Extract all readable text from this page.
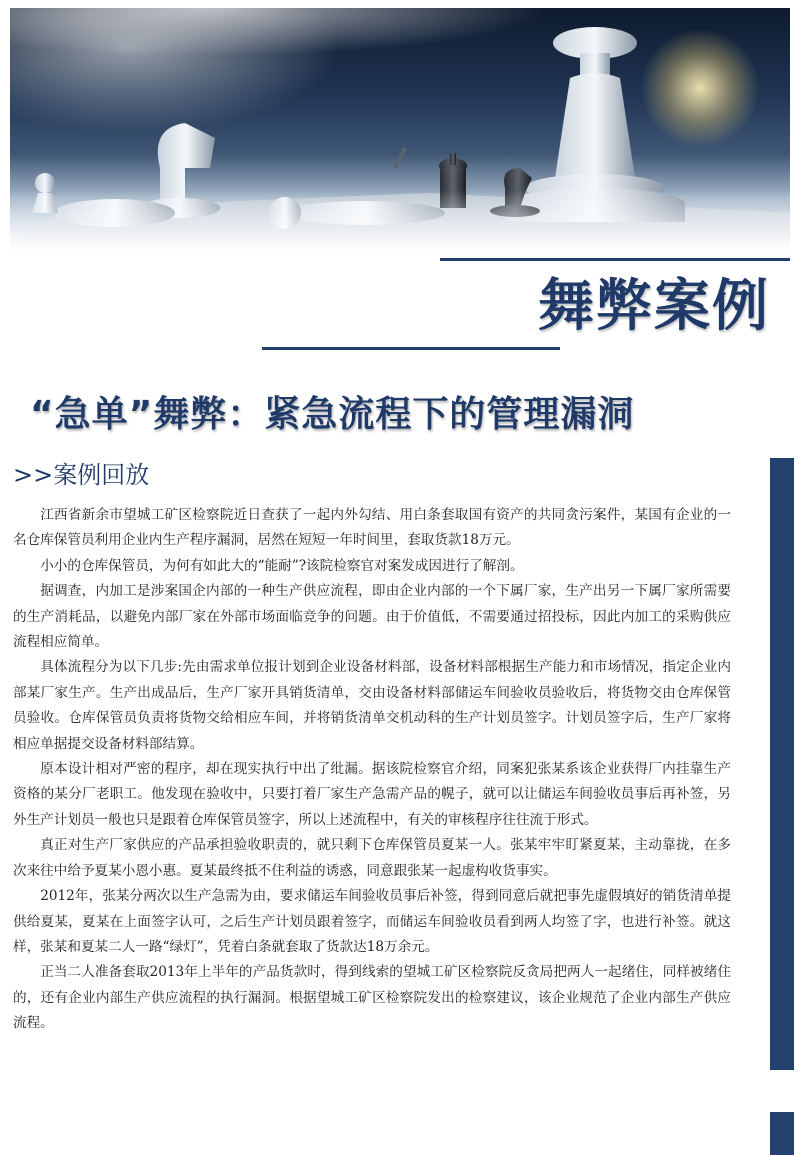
舞弊案例
“急单”舞弊：紧急流程下的管理漏洞
>>案例回放

江西省新余市望城工矿区检察院近日查获了一起内外勾结、用白条套取国有资产的共同贪污案件，某国有企业的一名仓库保管员利用企业内生产程序漏洞，居然在短短一年时间里，套取货款18万元。

小小的仓库保管员，为何有如此大的“能耐”?该院检察官对案发成因进行了解剖。

据调查，内加工是涉案国企内部的一种生产供应流程，即由企业内部的一个下属厂家，生产出另一下属厂家所需要的生产消耗品，以避免内部厂家在外部市场面临竞争的问题。由于价值低，不需要通过招投标，因此内加工的采购供应流程相应简单。

具体流程分为以下几步:先由需求单位报计划到企业设备材料部，设备材料部根据生产能力和市场情况，指定企业内部某厂家生产。生产出成品后，生产厂家开具销货清单，交由设备材料部储运车间验收员验收后，将货物交由仓库保管员验收。仓库保管员负责将货物交给相应车间，并将销货清单交机动科的生产计划员签字。计划员签字后，生产厂家将相应单据提交设备材料部结算。

原本设计相对严密的程序，却在现实执行中出了纰漏。据该院检察官介绍，同案犯张某系该企业获得厂内挂靠生产资格的某分厂老职工。他发现在验收中，只要打着厂家生产急需产品的幌子，就可以让储运车间验收员事后再补签，另外生产计划员一般也只是跟着仓库保管员签字，所以上述流程中，有关的审核程序往往流于形式。

真正对生产厂家供应的产品承担验收职责的，就只剩下仓库保管员夏某一人。张某牢牢盯紧夏某，主动靠拢，在多次来往中给予夏某小恩小惠。夏某最终抵不住利益的诱惑，同意跟张某一起虚构收货事实。

2012年，张某分两次以生产急需为由，要求储运车间验收员事后补签，得到同意后就把事先虚假填好的销货清单提供给夏某，夏某在上面签字认可，之后生产计划员跟着签字，而储运车间验收员看到两人均签了字，也进行补签。就这样，张某和夏某二人一路“绿灯”，凭着白条就套取了货款达18万余元。

正当二人准备套取2013年上半年的产品货款时，得到线索的望城工矿区检察院反贪局把两人一起绪住，同样被绪住的，还有企业内部生产供应流程的执行漏洞。根据望城工矿区检察院发出的检察建议，该企业规范了企业内部生产供应流程。
